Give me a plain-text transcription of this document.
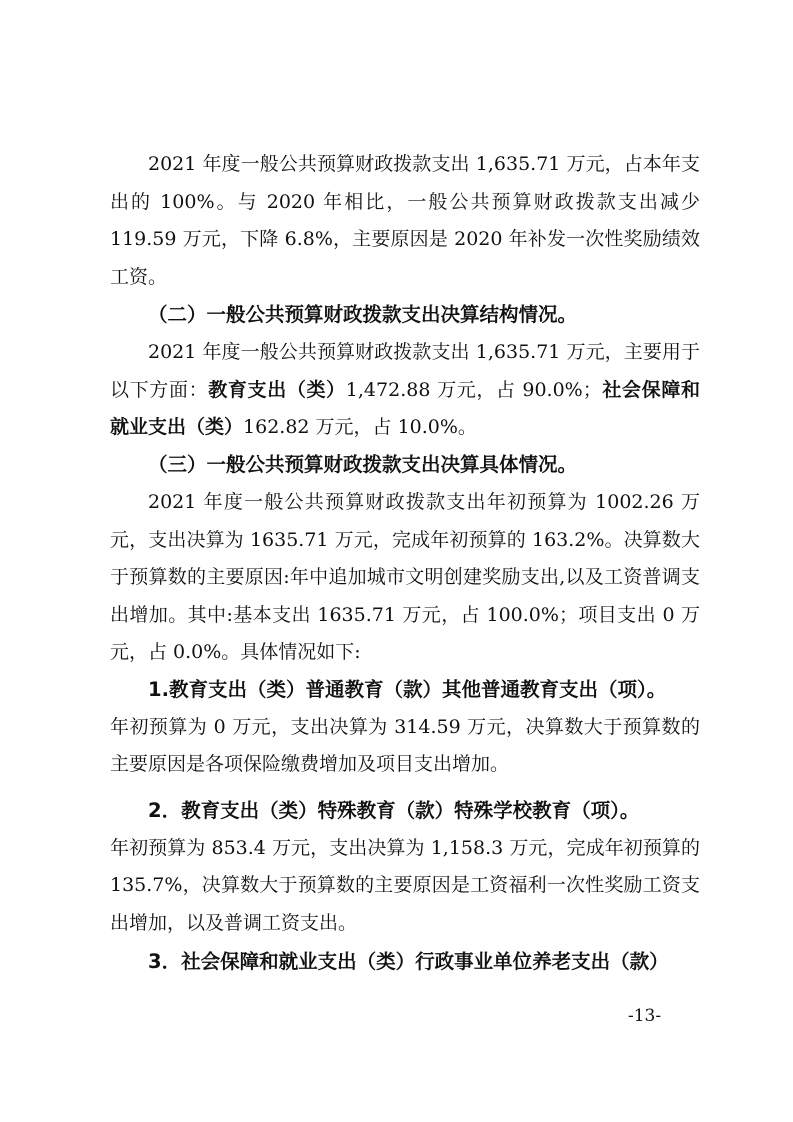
2021 年度一般公共预算财政拨款支出 1,635.71 万元，占本年支出的 100%。与 2020 年相比，一般公共预算财政拨款支出减少 119.59 万元，下降 6.8%，主要原因是 2020 年补发一次性奖励绩效工资。

（二）一般公共预算财政拨款支出决算结构情况。

2021 年度一般公共预算财政拨款支出 1,635.71 万元，主要用于以下方面：教育支出（类）1,472.88 万元，占 90.0%；社会保障和就业支出（类）162.82 万元，占 10.0%。

（三）一般公共预算财政拨款支出决算具体情况。

2021 年度一般公共预算财政拨款支出年初预算为 1002.26 万元，支出决算为 1635.71 万元，完成年初预算的 163.2%。决算数大于预算数的主要原因:年中追加城市文明创建奖励支出,以及工资普调支出增加。其中:基本支出 1635.71 万元，占 100.0%；项目支出 0 万元，占 0.0%。具体情况如下:

1.教育支出（类）普通教育（款）其他普通教育支出（项）。

年初预算为 0 万元，支出决算为 314.59 万元，决算数大于预算数的主要原因是各项保险缴费增加及项目支出增加。

2．教育支出（类）特殊教育（款）特殊学校教育（项）。

年初预算为 853.4 万元，支出决算为 1,158.3 万元，完成年初预算的 135.7%，决算数大于预算数的主要原因是工资福利一次性奖励工资支出增加，以及普调工资支出。

3．社会保障和就业支出（类）行政事业单位养老支出（款）

-13-
